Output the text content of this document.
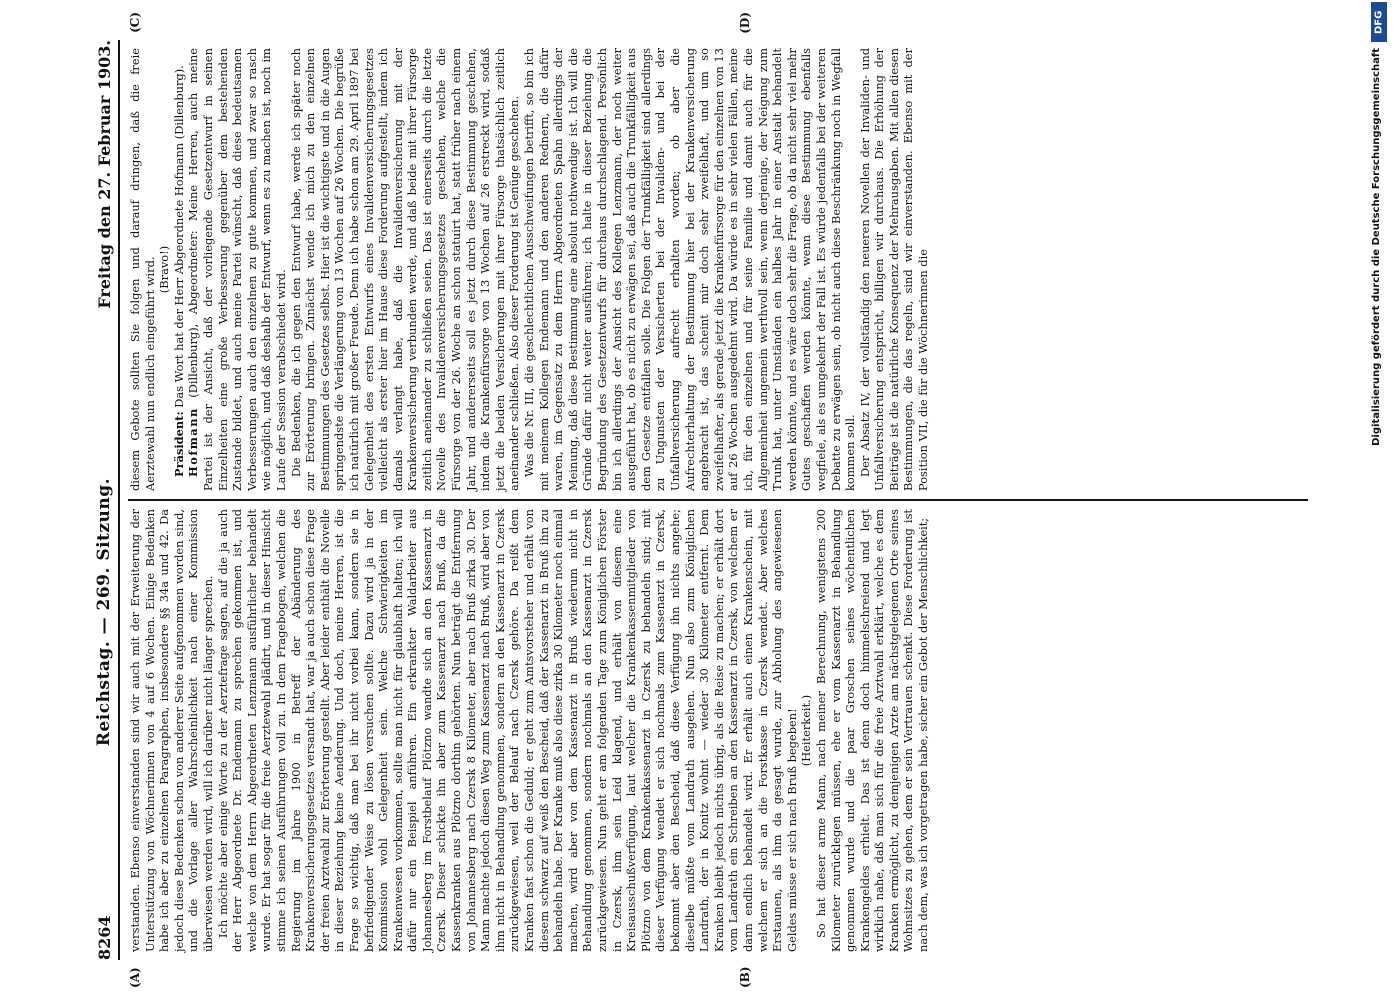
8264
Reichstag. — 269. Sitzung.
Freitag den 27. Februar 1903.
(A)	(B)

verstanden. Ebenso einverstanden sind wir auch mit der Erweiterung der Unterstützung von Wöchnerinnen von 4 auf 6 Wochen. Einige Bedenken habe ich aber zu einzelnen Paragraphen, insbesondere §§ 34a und 42. Da jedoch diese Bedenken schon von anderer Seite aufgenommen worden sind, und die Vorlage aller Wahrscheinlichkeit nach einer Kommission überwiesen werden wird, will ich darüber nicht länger sprechen. Ich möchte aber einige Worte zu der Aerztefrage sagen, auf die ja auch der Herr Abgeordnete Dr. Endemann zu sprechen gekommen ist, und welche von dem Herrn Abgeordneten Lenzmann ausführlicher behandelt wurde. Er hat sogar für die freie Aerztewahl plädirt, und in dieser Hinsicht stimme ich seinen Ausführungen voll zu. In dem Fragebogen, welchen die Regierung im Jahre 1900 in Betreff der Abänderung des Krankenversicherungsgesetzes versandt hat, war ja auch schon diese Frage der freien Arztwahl zur Erörterung gestellt. Aber leider enthält die Novelle in dieser Beziehung keine Aenderung. Und doch, meine Herren, ist die Frage so wichtig, daß man bei ihr nicht vorbei kann, sondern sie in befriedigender Weise zu lösen versuchen sollte. Dazu wird ja in der Kommission wohl Gelegenheit sein. Welche Schwierigkeiten im Krankenwesen vorkommen, sollte man nicht für glaubhaft halten; ich will dafür nur ein Beispiel anführen. Ein erkrankter Waldarbeiter aus Johannesberg im Forstbelauf Plötzno wandte sich an den Kassenarzt in Czersk. Dieser schickte ihn aber zum Kassenarzt nach Bruß, da die Kassenkranken aus Plötzno dorthin gehörten. Nun beträgt die Entfernung von Johannesberg nach Czersk 8 Kilometer, aber nach Bruß zirka 30. Der Mann machte jedoch diesen Weg zum Kassenarzt nach Bruß, wird aber von ihm nicht in Behandlung genommen, sondern an den Kassenarzt in Czersk zurückgewiesen, weil der Belauf nach Czersk gehöre. Da reißt dem Kranken fast schon die Geduld; er geht zum Amtsvorsteher und erhält von diesem schwarz auf weiß den Bescheid, daß der Kassenarzt in Bruß ihn zu behandeln habe. Der Kranke muß also diese zirka 30 Kilometer noch einmal machen, wird aber von dem Kassenarzt in Bruß wiederum nicht in Behandlung genommen, sondern nochmals an den Kassenarzt in Czersk zurückgewiesen. Nun geht er am folgenden Tage zum Königlichen Förster in Czersk, ihm sein Leid klagend, und erhält von diesem eine Kreisausschußverfügung, laut welcher die Krankenkassenmitglieder von Plötzno von dem Krankenkassenarzt in Czersk zu behandeln sind; mit dieser Verfügung wendet er sich nochmals zum Kassenarzt in Czersk, bekommt aber den Bescheid, daß diese Verfügung ihn nichts angehe; dieselbe müßte vom Landrath ausgehen. Nun also zum Königlichen Landrath, der in Konitz wohnt — wieder 30 Kilometer entfernt. Dem Kranken bleibt jedoch nichts übrig, als die Reise zu machen; er erhält dort vom Landrath ein Schreiben an den Kassenarzt in Czersk, von welchem er dann endlich behandelt wird. Er erhält auch einen Krankenschein, mit welchem er sich an die Forstkasse in Czersk wendet. Aber welches Erstaunen, als ihm da gesagt wurde, zur Abholung des angewiesenen Geldes müsse er sich nach Bruß begeben! (Heiterkeit.) So hat dieser arme Mann, nach meiner Berechnung, wenigstens 200 Kilometer zurücklegen müssen, ehe er vom Kassenarzt in Behandlung genommen wurde und die paar Groschen seines wöchentlichen Krankengeldes erhielt. Das ist denn doch himmelschreiend und legt wirklich nahe, daß man sich für die freie Arztwahl erklärt, welche es dem Kranken ermöglicht, zu demjenigen Arzte am nächstgelegenen Orte seines Wohnsitzes zu gehen, dem er sein Vertrauen schenkt. Diese Forderung ist nach dem, was ich vorgetragen habe, sicher ein Gebot der Menschlichkeit;

(C)	(D)

diesem Gebote sollten Sie folgen und darauf dringen, daß die freie Aerztewahl nun endlich eingeführt wird. (Bravo!)

Präsident: Das Wort hat der Herr Abgeordnete Hofmann (Dillenburg).

Hofmann (Dillenburg), Abgeordneter: Meine Herren, auch meine Partei ist der Ansicht, daß der vorliegende Gesetzentwurf in seinen Einzelheiten eine große Verbesserung gegenüber dem bestehenden Zustande bildet, und auch meine Partei wünscht, daß diese bedeutsamen Verbesserungen auch den einzelnen zu gute kommen, und zwar so rasch wie möglich, und daß deshalb der Entwurf, wenn es zu machen ist, noch im Laufe der Session verabschiedet wird. Die Bedenken, die ich gegen den Entwurf habe, werde ich später noch zur Erörterung bringen. Zunächst wende ich mich zu den einzelnen Bestimmungen des Gesetzes selbst. Hier ist die wichtigste und in die Augen springendste die Verlängerung von 13 Wochen auf 26 Wochen. Die begrüße ich natürlich mit großer Freude. Denn ich habe schon am 29. April 1897 bei Gelegenheit des ersten Entwurfs eines Invalidenversicherungsgesetzes vielleicht als erster hier im Hause diese Forderung aufgestellt, indem ich damals verlangt habe, daß die Invalidenversicherung mit der Krankenversicherung verbunden werde, und daß beide mit ihrer Fürsorge zeitlich aneinander zu schließen seien. Das ist einerseits durch die letzte Novelle des Invalidenversicherungsgesetzes geschehen, welche die Fürsorge von der 26. Woche an schon statuirt hat, statt früher nach einem Jahr, und andererseits soll es jetzt durch diese Bestimmung geschehen, indem die Krankenfürsorge von 13 Wochen auf 26 erstreckt wird, sodaß jetzt die beiden Versicherungen mit ihrer Fürsorge thatsächlich zeitlich aneinander schließen. Also dieser Forderung ist Genüge geschehen. Was die Nr. III, die geschlechtlichen Ausschweifungen betrifft, so bin ich mit meinem Kollegen Endemann und den anderen Rednern, die dafür waren, im Gegensatz zu dem Herrn Abgeordneten Spahn allerdings der Meinung, daß diese Bestimmung eine absolut nothwendige ist. Ich will die Gründe dafür nicht weiter ausführen; ich halte in dieser Beziehung die Begründung des Gesetzentwurfs für durchaus durchschlagend. Persönlich bin ich allerdings der Ansicht des Kollegen Lenzmann, der noch weiter ausgeführt hat, ob es nicht zu erwägen sei, daß auch die Trunkfälligkeit aus dem Gesetze entfallen solle. Die Folgen der Trunkfälligkeit sind allerdings zu Ungunsten der Versicherten bei der Invaliden- und bei der Unfallversicherung aufrecht erhalten worden; ob aber die Aufrechterhaltung der Bestimmung hier bei der Krankenversicherung angebracht ist, das scheint mir doch sehr zweifelhaft, und um so zweifelhafter, als gerade jetzt die Krankenfürsorge für den einzelnen von 13 auf 26 Wochen ausgedehnt wird. Da würde es in sehr vielen Fällen, meine ich, für den einzelnen und für seine Familie und damit auch für die Allgemeinheit ungemein werthvoll sein, wenn derjenige, der Neigung zum Trunk hat, unter Umständen ein halbes Jahr in einer Anstalt behandelt werden könnte, und es wäre doch sehr die Frage, ob da nicht sehr viel mehr Gutes geschaffen werden könnte, wenn diese Bestimmung ebenfalls wegfiele, als es umgekehrt der Fall ist. Es würde jedenfalls bei der weiteren Debatte zu erwägen sein, ob nicht auch diese Beschränkung noch in Wegfall kommen soll. Der Absatz IV, der vollständig den neueren Novellen der Invaliden- und Unfallversicherung entspricht, billigen wir durchaus. Die Erhöhung der Beiträge ist die natürliche Konsequenz der Mehrausgaben. Mit allen diesen Bestimmungen, die das regeln, sind wir einverstanden. Ebenso mit der Position VII, die für die Wöchnerinnen die

DFG
Digitalisierung gefördert durch die Deutsche Forschungsgemeinschaft
